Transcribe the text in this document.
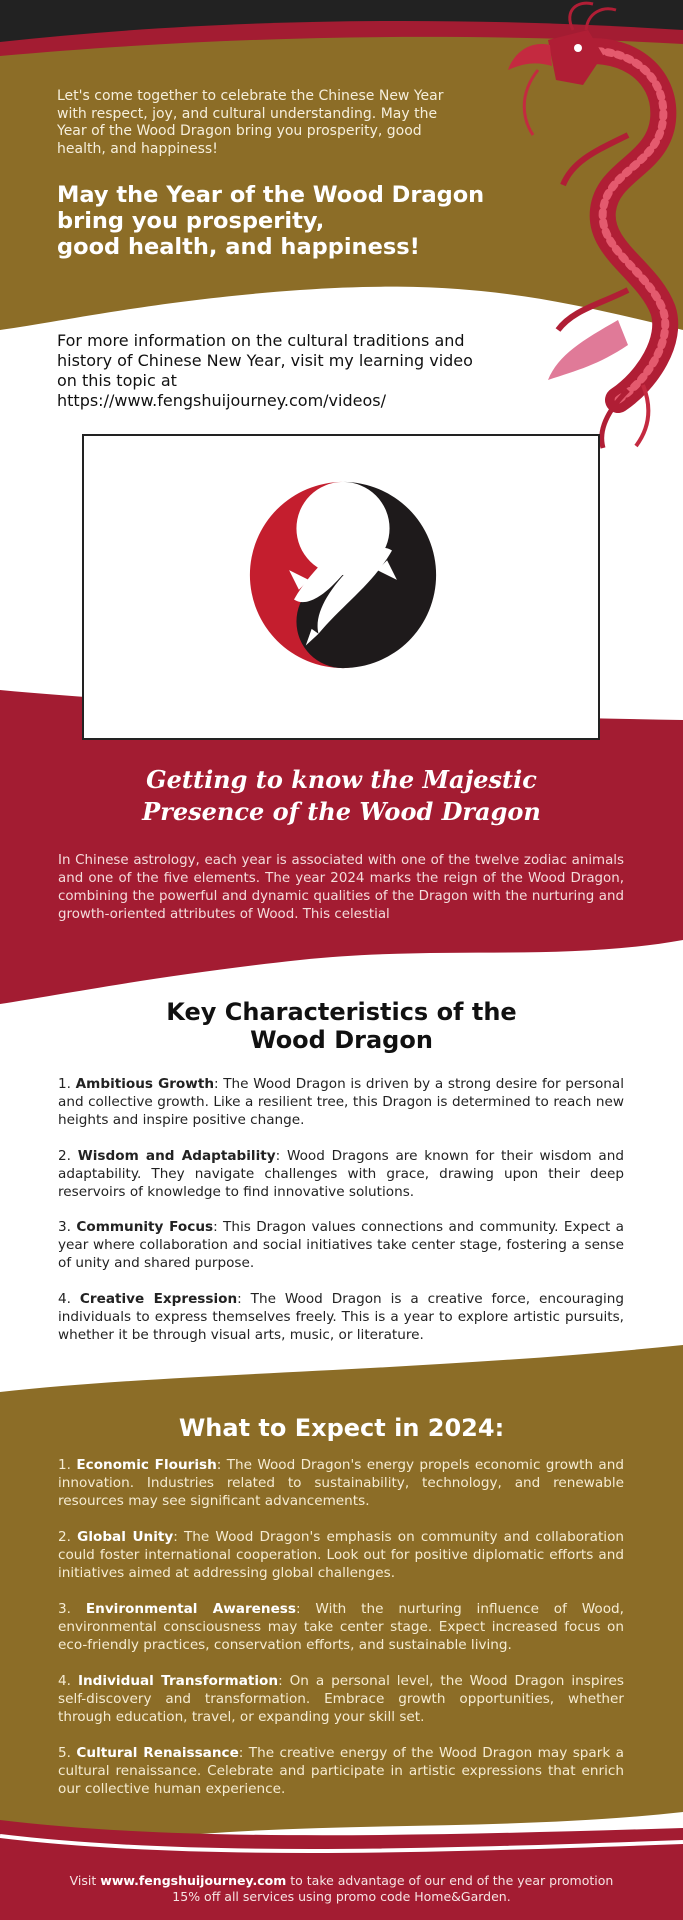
Let's come together to celebrate the Chinese New Year with respect, joy, and cultural understanding. May the Year of the Wood Dragon bring you prosperity, good health, and happiness!
May the Year of the Wood Dragon
bring you prosperity,
good health, and happiness!
For more information on the cultural traditions and history of Chinese New Year, visit my learning video on this topic at https://www.fengshuijourney.com/videos/
Getting to know the Majestic
Presence of the Wood Dragon
In Chinese astrology, each year is associated with one of the twelve zodiac animals and one of the five elements. The year 2024 marks the reign of the Wood Dragon, combining the powerful and dynamic qualities of the Dragon with the nurturing and growth-oriented attributes of Wood. This celestial
Key Characteristics of the
Wood Dragon

1. Ambitious Growth: The Wood Dragon is driven by a strong desire for personal and collective growth. Like a resilient tree, this Dragon is determined to reach new heights and inspire positive change.

2. Wisdom and Adaptability: Wood Dragons are known for their wisdom and adaptability. They navigate challenges with grace, drawing upon their deep reservoirs of knowledge to find innovative solutions.

3. Community Focus: This Dragon values connections and community. Expect a year where collaboration and social initiatives take center stage, fostering a sense of unity and shared purpose.

4. Creative Expression: The Wood Dragon is a creative force, encouraging individuals to express themselves freely. This is a year to explore artistic pursuits, whether it be through visual arts, music, or literature.

What to Expect in 2024:

1. Economic Flourish: The Wood Dragon's energy propels economic growth and innovation. Industries related to sustainability, technology, and renewable resources may see significant advancements.

2. Global Unity: The Wood Dragon's emphasis on community and collaboration could foster international cooperation. Look out for positive diplomatic efforts and initiatives aimed at addressing global challenges.

3. Environmental Awareness: With the nurturing influence of Wood, environmental consciousness may take center stage. Expect increased focus on eco-friendly practices, conservation efforts, and sustainable living.

4. Individual Transformation: On a personal level, the Wood Dragon inspires self-discovery and transformation. Embrace growth opportunities, whether through education, travel, or expanding your skill set.

5. Cultural Renaissance: The creative energy of the Wood Dragon may spark a cultural renaissance. Celebrate and participate in artistic expressions that enrich our collective human experience.

Visit www.fengshuijourney.com to take advantage of our end of the year promotion
15% off all services using promo code Home&Garden.
